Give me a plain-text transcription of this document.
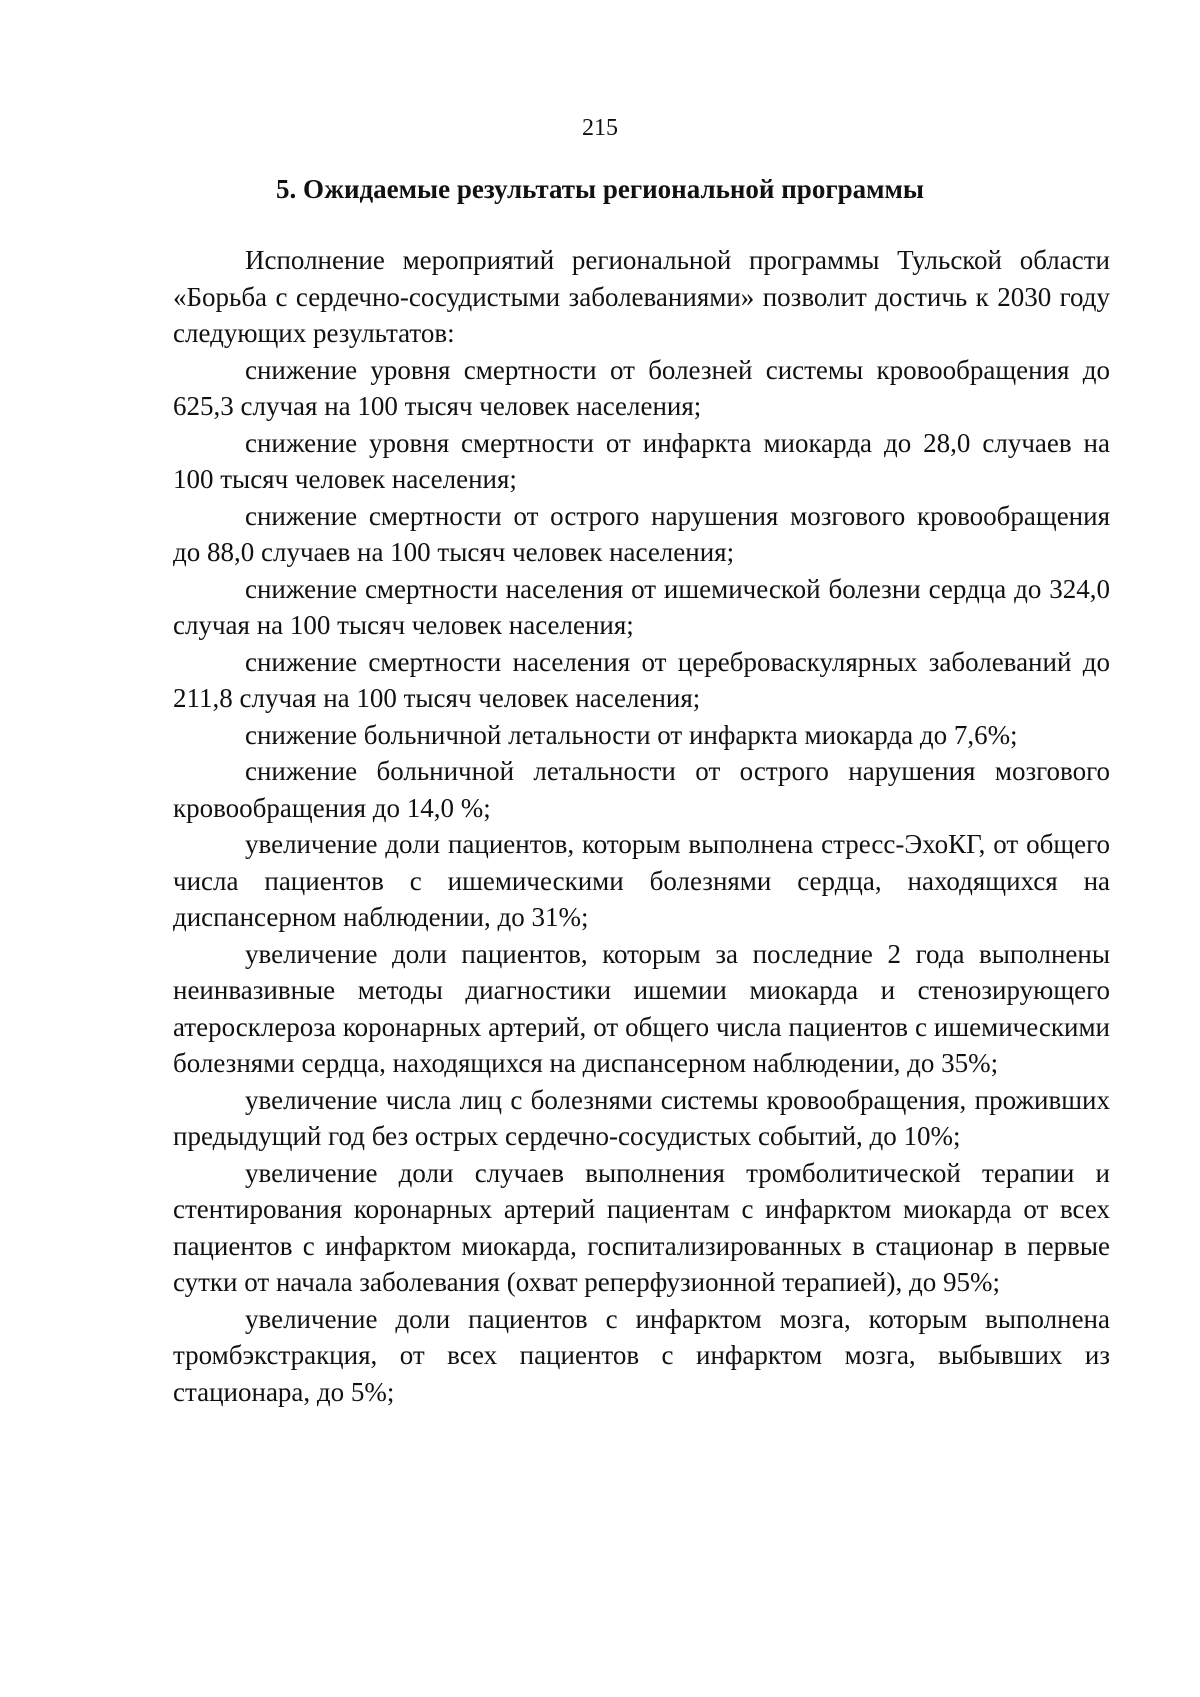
215
5. Ожидаемые результаты региональной программы

Исполнение мероприятий региональной программы Тульской области «Борьба с сердечно-сосудистыми заболеваниями» позволит достичь к 2030 году следующих результатов:

снижение уровня смертности от болезней системы кровообращения до 625,3 случая на 100 тысяч человек населения;

снижение уровня смертности от инфаркта миокарда до 28,0 случаев на 100 тысяч человек населения;

снижение смертности от острого нарушения мозгового кровообращения до 88,0 случаев на 100 тысяч человек населения;

снижение смертности населения от ишемической болезни сердца до 324,0 случая на 100 тысяч человек населения;

снижение смертности населения от цереброваскулярных заболеваний до 211,8 случая на 100 тысяч человек населения;

снижение больничной летальности от инфаркта миокарда до 7,6%;

снижение больничной летальности от острого нарушения мозгового кровообращения до 14,0 %;

увеличение доли пациентов, которым выполнена стресс-ЭхоКГ, от общего числа пациентов с ишемическими болезнями сердца, находящихся на диспансерном наблюдении, до 31%;

увеличение доли пациентов, которым за последние 2 года выполнены неинвазивные методы диагностики ишемии миокарда и стенозирующего атеросклероза коронарных артерий, от общего числа пациентов с ишемическими болезнями сердца, находящихся на диспансерном наблюдении, до 35%;

увеличение числа лиц с болезнями системы кровообращения, проживших предыдущий год без острых сердечно-сосудистых событий, до 10%;

увеличение доли случаев выполнения тромболитической терапии и стентирования коронарных артерий пациентам с инфарктом миокарда от всех пациентов с инфарктом миокарда, госпитализированных в стационар в первые сутки от начала заболевания (охват реперфузионной терапией), до 95%;

увеличение доли пациентов с инфарктом мозга, которым выполнена тромбэкстракция, от всех пациентов с инфарктом мозга, выбывших из стационара, до 5%;
